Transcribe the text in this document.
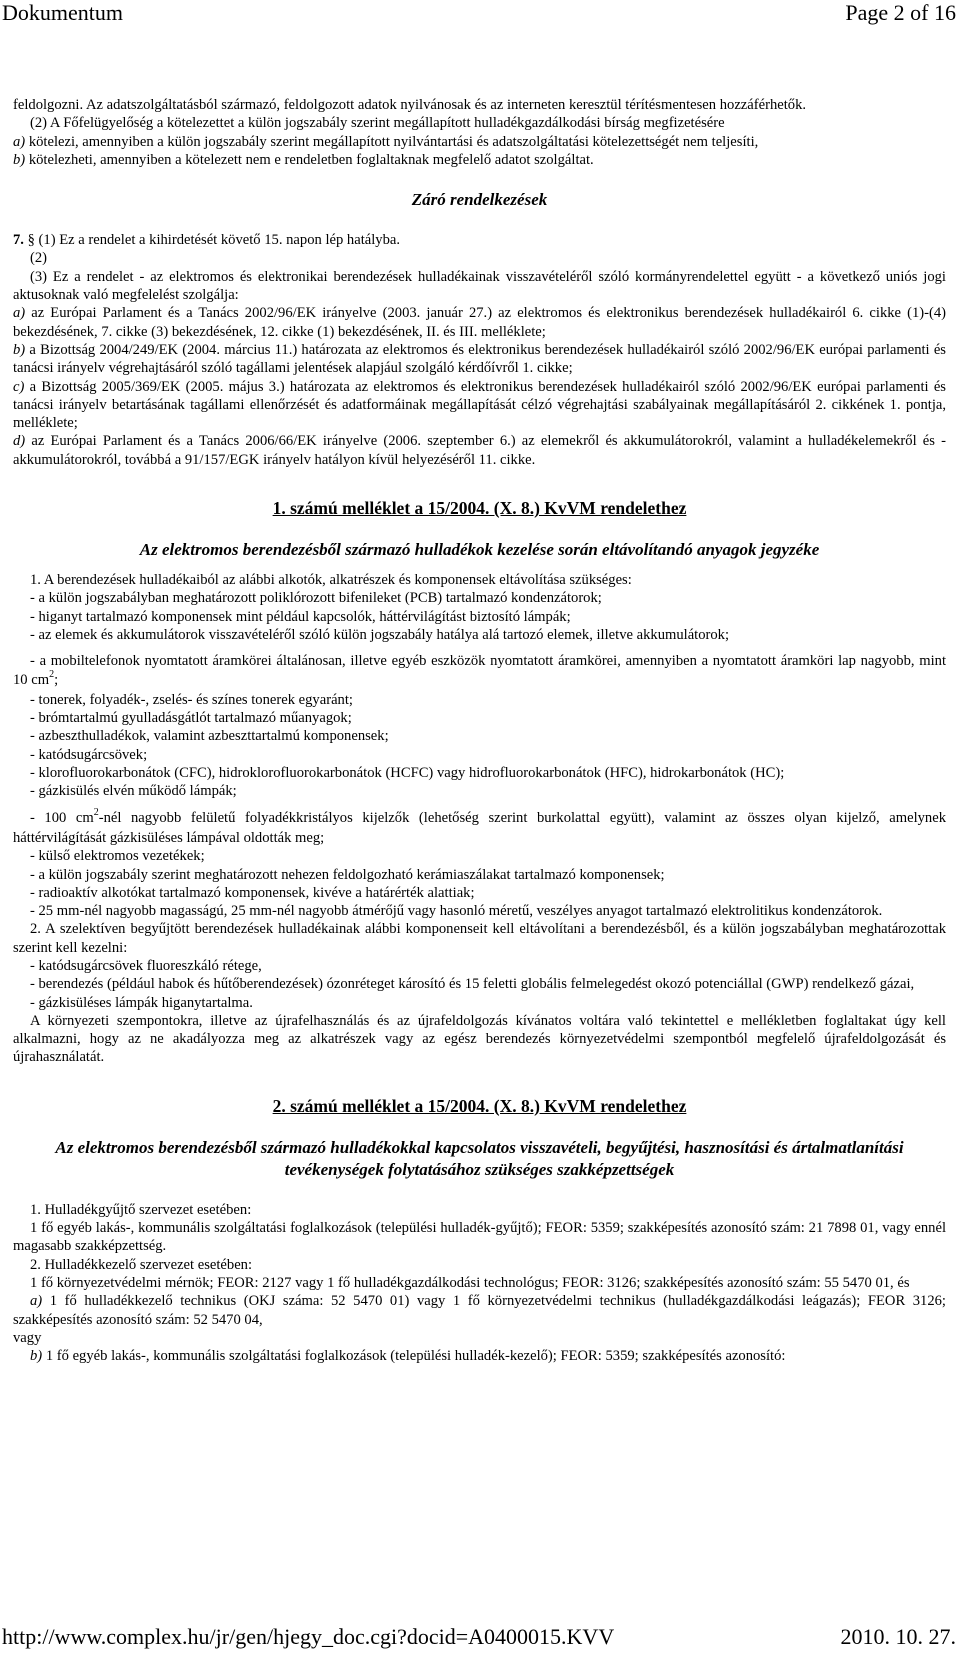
Dokumentum	Page 2 of 16

feldolgozni. Az adatszolgáltatásból származó, feldolgozott adatok nyilvánosak és az interneten keresztül térítésmentesen hozzáférhetők.

(2) A Főfelügyelőség a kötelezettet a külön jogszabály szerint megállapított hulladékgazdálkodási bírság megfizetésére

a) kötelezi, amennyiben a külön jogszabály szerint megállapított nyilvántartási és adatszolgáltatási kötelezettségét nem teljesíti,

b) kötelezheti, amennyiben a kötelezett nem e rendeletben foglaltaknak megfelelő adatot szolgáltat.

Záró rendelkezések

7. § (1) Ez a rendelet a kihirdetését követő 15. napon lép hatályba.

(2)

(3) Ez a rendelet - az elektromos és elektronikai berendezések hulladékainak visszavételéről szóló kormányrendelettel együtt - a következő uniós jogi aktusoknak való megfelelést szolgálja:

a) az Európai Parlament és a Tanács 2002/96/EK irányelve (2003. január 27.) az elektromos és elektronikus berendezések hulladékairól 6. cikke (1)-(4) bekezdésének, 7. cikke (3) bekezdésének, 12. cikke (1) bekezdésének, II. és III. melléklete;

b) a Bizottság 2004/249/EK (2004. március 11.) határozata az elektromos és elektronikus berendezések hulladékairól szóló 2002/96/EK európai parlamenti és tanácsi irányelv végrehajtásáról szóló tagállami jelentések alapjául szolgáló kérdőívről 1. cikke;

c) a Bizottság 2005/369/EK (2005. május 3.) határozata az elektromos és elektronikus berendezések hulladékairól szóló 2002/96/EK európai parlamenti és tanácsi irányelv betartásának tagállami ellenőrzését és adatformáinak megállapítását célzó végrehajtási szabályainak megállapításáról 2. cikkének 1. pontja, melléklete;

d) az Európai Parlament és a Tanács 2006/66/EK irányelve (2006. szeptember 6.) az elemekről és akkumulátorokról, valamint a hulladékelemekről és -akkumulátorokról, továbbá a 91/157/EGK irányelv hatályon kívül helyezéséről 11. cikke.

1. számú melléklet a 15/2004. (X. 8.) KvVM rendelethez
Az elektromos berendezésből származó hulladékok kezelése során eltávolítandó anyagok jegyzéke

1. A berendezések hulladékaiból az alábbi alkotók, alkatrészek és komponensek eltávolítása szükséges:

- a külön jogszabályban meghatározott poliklórozott bifenileket (PCB) tartalmazó kondenzátorok;

- higanyt tartalmazó komponensek mint például kapcsolók, háttérvilágítást biztosító lámpák;

- az elemek és akkumulátorok visszavételéről szóló külön jogszabály hatálya alá tartozó elemek, illetve akkumulátorok;

- a mobiltelefonok nyomtatott áramkörei általánosan, illetve egyéb eszközök nyomtatott áramkörei, amennyiben a nyomtatott áramköri lap nagyobb, mint 10 $cm^2$;

- tonerek, folyadék-, zselés- és színes tonerek egyaránt;

- brómtartalmú gyulladásgátlót tartalmazó műanyagok;

- azbeszthulladékok, valamint azbeszttartalmú komponensek;

- katódsugárcsövek;

- klorofluorokarbonátok (CFC), hidroklorofluorokarbonátok (HCFC) vagy hidrofluorokarbonátok (HFC), hidrokarbonátok (HC);

- gázkisülés elvén működő lámpák;

- 100 $cm^2$-nél nagyobb felületű folyadékkristályos kijelzők (lehetőség szerint burkolattal együtt), valamint az összes olyan kijelző, amelynek háttérvilágítását gázkisüléses lámpával oldották meg;

- külső elektromos vezetékek;

- a külön jogszabály szerint meghatározott nehezen feldolgozható kerámiaszálakat tartalmazó komponensek;

- radioaktív alkotókat tartalmazó komponensek, kivéve a határérték alattiak;

- 25 mm-nél nagyobb magasságú, 25 mm-nél nagyobb átmérőjű vagy hasonló méretű, veszélyes anyagot tartalmazó elektrolitikus kondenzátorok.

2. A szelektíven begyűjtött berendezések hulladékainak alábbi komponenseit kell eltávolítani a berendezésből, és a külön jogszabályban meghatározottak szerint kell kezelni:

- katódsugárcsövek fluoreszkáló rétege,

- berendezés (például habok és hűtőberendezések) ózonréteget károsító és 15 feletti globális felmelegedést okozó potenciállal (GWP) rendelkező gázai,

- gázkisüléses lámpák higanytartalma.

A környezeti szempontokra, illetve az újrafelhasználás és az újrafeldolgozás kívánatos voltára való tekintettel e mellékletben foglaltakat úgy kell alkalmazni, hogy az ne akadályozza meg az alkatrészek vagy az egész berendezés környezetvédelmi szempontból megfelelő újrafeldolgozását és újrahasználatát.

2. számú melléklet a 15/2004. (X. 8.) KvVM rendelethez
Az elektromos berendezésből származó hulladékokkal kapcsolatos visszavételi, begyűjtési, hasznosítási és ártalmatlanítási tevékenységek folytatásához szükséges szakképzettségek

1. Hulladékgyűjtő szervezet esetében:

1 fő egyéb lakás-, kommunális szolgáltatási foglalkozások (települési hulladék-gyűjtő); FEOR: 5359; szakképesítés azonosító szám: 21 7898 01, vagy ennél magasabb szakképzettség.

2. Hulladékkezelő szervezet esetében:

1 fő környezetvédelmi mérnök; FEOR: 2127 vagy 1 fő hulladékgazdálkodási technológus; FEOR: 3126; szakképesítés azonosító szám: 55 5470 01, és

a) 1 fő hulladékkezelő technikus (OKJ száma: 52 5470 01) vagy 1 fő környezetvédelmi technikus (hulladékgazdálkodási leágazás); FEOR 3126; szakképesítés azonosító szám: 52 5470 04,

vagy

b) 1 fő egyéb lakás-, kommunális szolgáltatási foglalkozások (települési hulladék-kezelő); FEOR: 5359; szakképesítés azonosító:

http://www.complex.hu/jr/gen/hjegy_doc.cgi?docid=A0400015.KVV	2010. 10. 27.
